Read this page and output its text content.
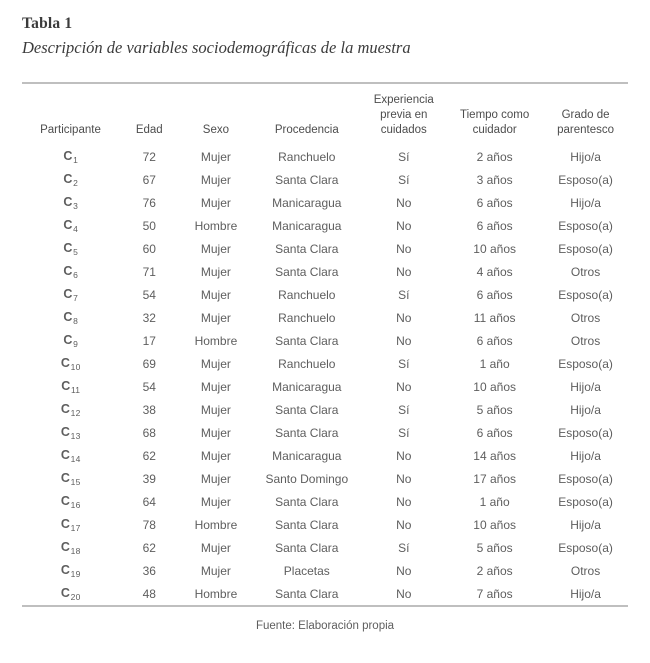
Tabla 1
Descripción de variables sociodemográficas de la muestra
Participante	Edad	Sexo	Procedencia	Experiencia
previa en
cuidados	Tiempo como
cuidador	Grado de
parentesco
$C_1$	72	Mujer	Ranchuelo	Sí	2 años	Hijo/a
$C_2$	67	Mujer	Santa Clara	Sí	3 años	Esposo(a)
$C_3$	76	Mujer	Manicaragua	No	6 años	Hijo/a
$C_4$	50	Hombre	Manicaragua	No	6 años	Esposo(a)
$C_5$	60	Mujer	Santa Clara	No	10 años	Esposo(a)
$C_6$	71	Mujer	Santa Clara	No	4 años	Otros
$C_7$	54	Mujer	Ranchuelo	Sí	6 años	Esposo(a)
$C_8$	32	Mujer	Ranchuelo	No	11 años	Otros
$C_9$	17	Hombre	Santa Clara	No	6 años	Otros
$C_{10}$	69	Mujer	Ranchuelo	Sí	1 año	Esposo(a)
$C_{11}$	54	Mujer	Manicaragua	No	10 años	Hijo/a
$C_{12}$	38	Mujer	Santa Clara	Sí	5 años	Hijo/a
$C_{13}$	68	Mujer	Santa Clara	Sí	6 años	Esposo(a)
$C_{14}$	62	Mujer	Manicaragua	No	14 años	Hijo/a
$C_{15}$	39	Mujer	Santo Domingo	No	17 años	Esposo(a)
$C_{16}$	64	Mujer	Santa Clara	No	1 año	Esposo(a)
$C_{17}$	78	Hombre	Santa Clara	No	10 años	Hijo/a
$C_{18}$	62	Mujer	Santa Clara	Sí	5 años	Esposo(a)
$C_{19}$	36	Mujer	Placetas	No	2 años	Otros
$C_{20}$	48	Hombre	Santa Clara	No	7 años	Hijo/a
Fuente: Elaboración propia
